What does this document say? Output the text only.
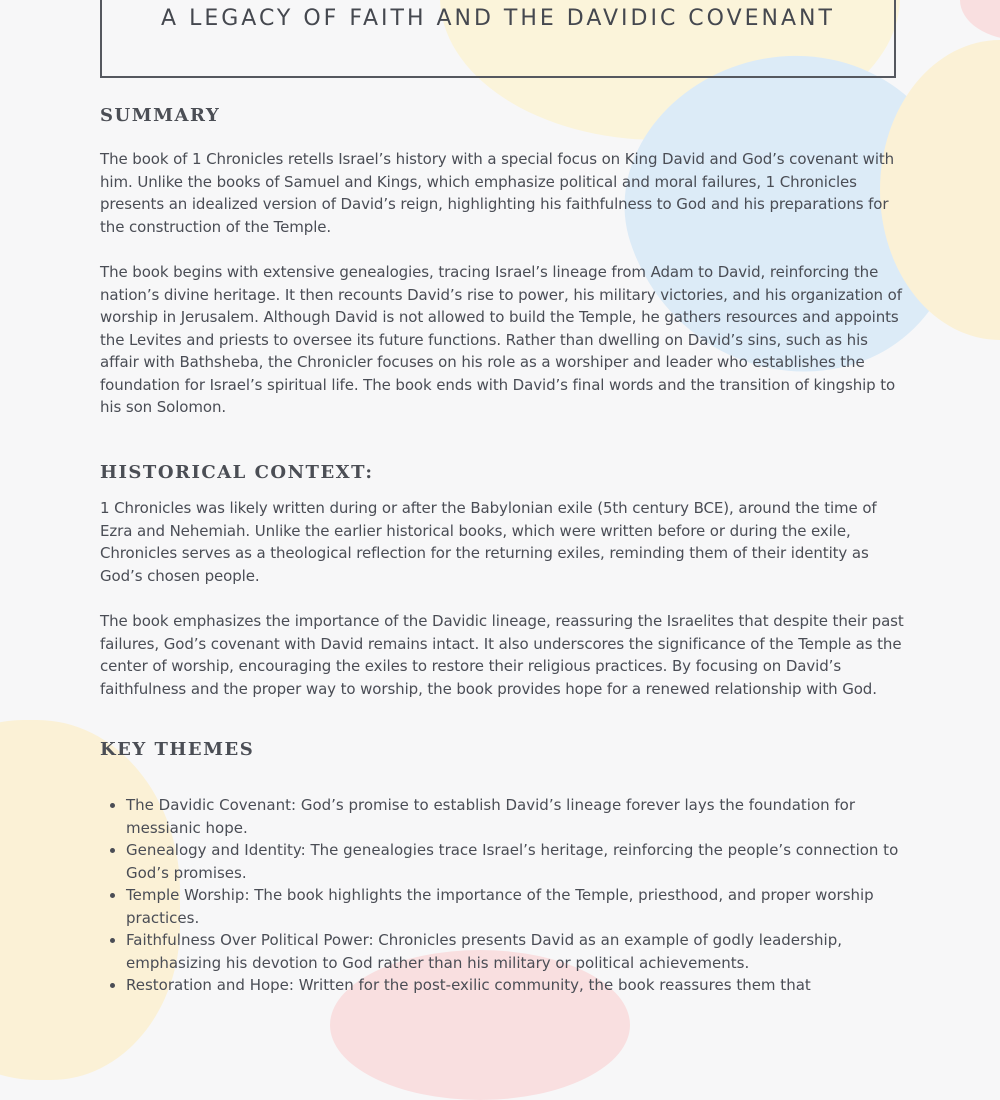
A LEGACY OF FAITH AND THE DAVIDIC COVENANT
SUMMARY

The book of 1 Chronicles retells Israel’s history with a special focus on King David and God’s covenant with him. Unlike the books of Samuel and Kings, which emphasize political and moral failures, 1 Chronicles presents an idealized version of David’s reign, highlighting his faithfulness to God and his preparations for the construction of the Temple.

The book begins with extensive genealogies, tracing Israel’s lineage from Adam to David, reinforcing the nation’s divine heritage. It then recounts David’s rise to power, his military victories, and his organization of worship in Jerusalem. Although David is not allowed to build the Temple, he gathers resources and appoints the Levites and priests to oversee its future functions. Rather than dwelling on David’s sins, such as his affair with Bathsheba, the Chronicler focuses on his role as a worshiper and leader who establishes the foundation for Israel’s spiritual life. The book ends with David’s final words and the transition of kingship to his son Solomon.

HISTORICAL CONTEXT:

1 Chronicles was likely written during or after the Babylonian exile (5th century BCE), around the time of Ezra and Nehemiah. Unlike the earlier historical books, which were written before or during the exile, Chronicles serves as a theological reflection for the returning exiles, reminding them of their identity as God’s chosen people.

The book emphasizes the importance of the Davidic lineage, reassuring the Israelites that despite their past failures, God’s covenant with David remains intact. It also underscores the significance of the Temple as the center of worship, encouraging the exiles to restore their religious practices. By focusing on David’s faithfulness and the proper way to worship, the book provides hope for a renewed relationship with God.

KEY THEMES
• The Davidic Covenant: God’s promise to establish David’s lineage forever lays the foundation for messianic hope.
• Genealogy and Identity: The genealogies trace Israel’s heritage, reinforcing the people’s connection to God’s promises.
• Temple Worship: The book highlights the importance of the Temple, priesthood, and proper worship practices.
• Faithfulness Over Political Power: Chronicles presents David as an example of godly leadership, emphasizing his devotion to God rather than his military or political achievements.
• Restoration and Hope: Written for the post-exilic community, the book reassures them that
